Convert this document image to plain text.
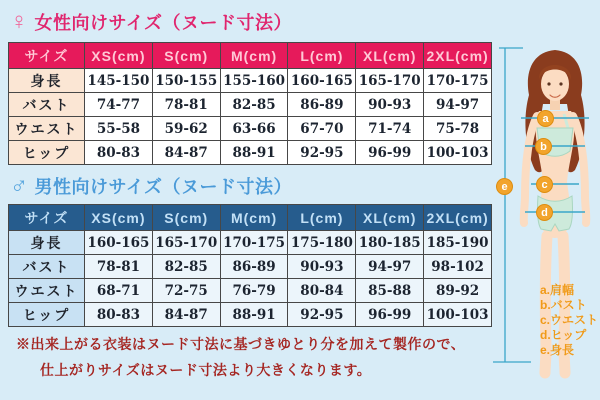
♀ 女性向けサイズ（ヌード寸法）
サイズ	XS(cm)	S(cm)	M(cm)	L(cm)	XL(cm)	2XL(cm)
身長	145-150	150-155	155-160	160-165	165-170	170-175
バスト	74-77	78-81	82-85	86-89	90-93	94-97
ウエスト	55-58	59-62	63-66	67-70	71-74	75-78
ヒップ	80-83	84-87	88-91	92-95	96-99	100-103
♂ 男性向けサイズ（ヌード寸法）
サイズ	XS(cm)	S(cm)	M(cm)	L(cm)	XL(cm)	2XL(cm)
身長	160-165	165-170	170-175	175-180	180-185	185-190
バスト	78-81	82-85	86-89	90-93	94-97	98-102
ウエスト	68-71	72-75	76-79	80-84	85-88	89-92
ヒップ	80-83	84-87	88-91	92-95	96-99	100-103
※出来上がる衣装はヌード寸法に基づきゆとり分を加えて製作ので、
仕上がりサイズはヌード寸法より大きくなります。
a
b
c
d
e
a.肩幅
b.バスト
c.ウエスト
d.ヒップ
e.身長
